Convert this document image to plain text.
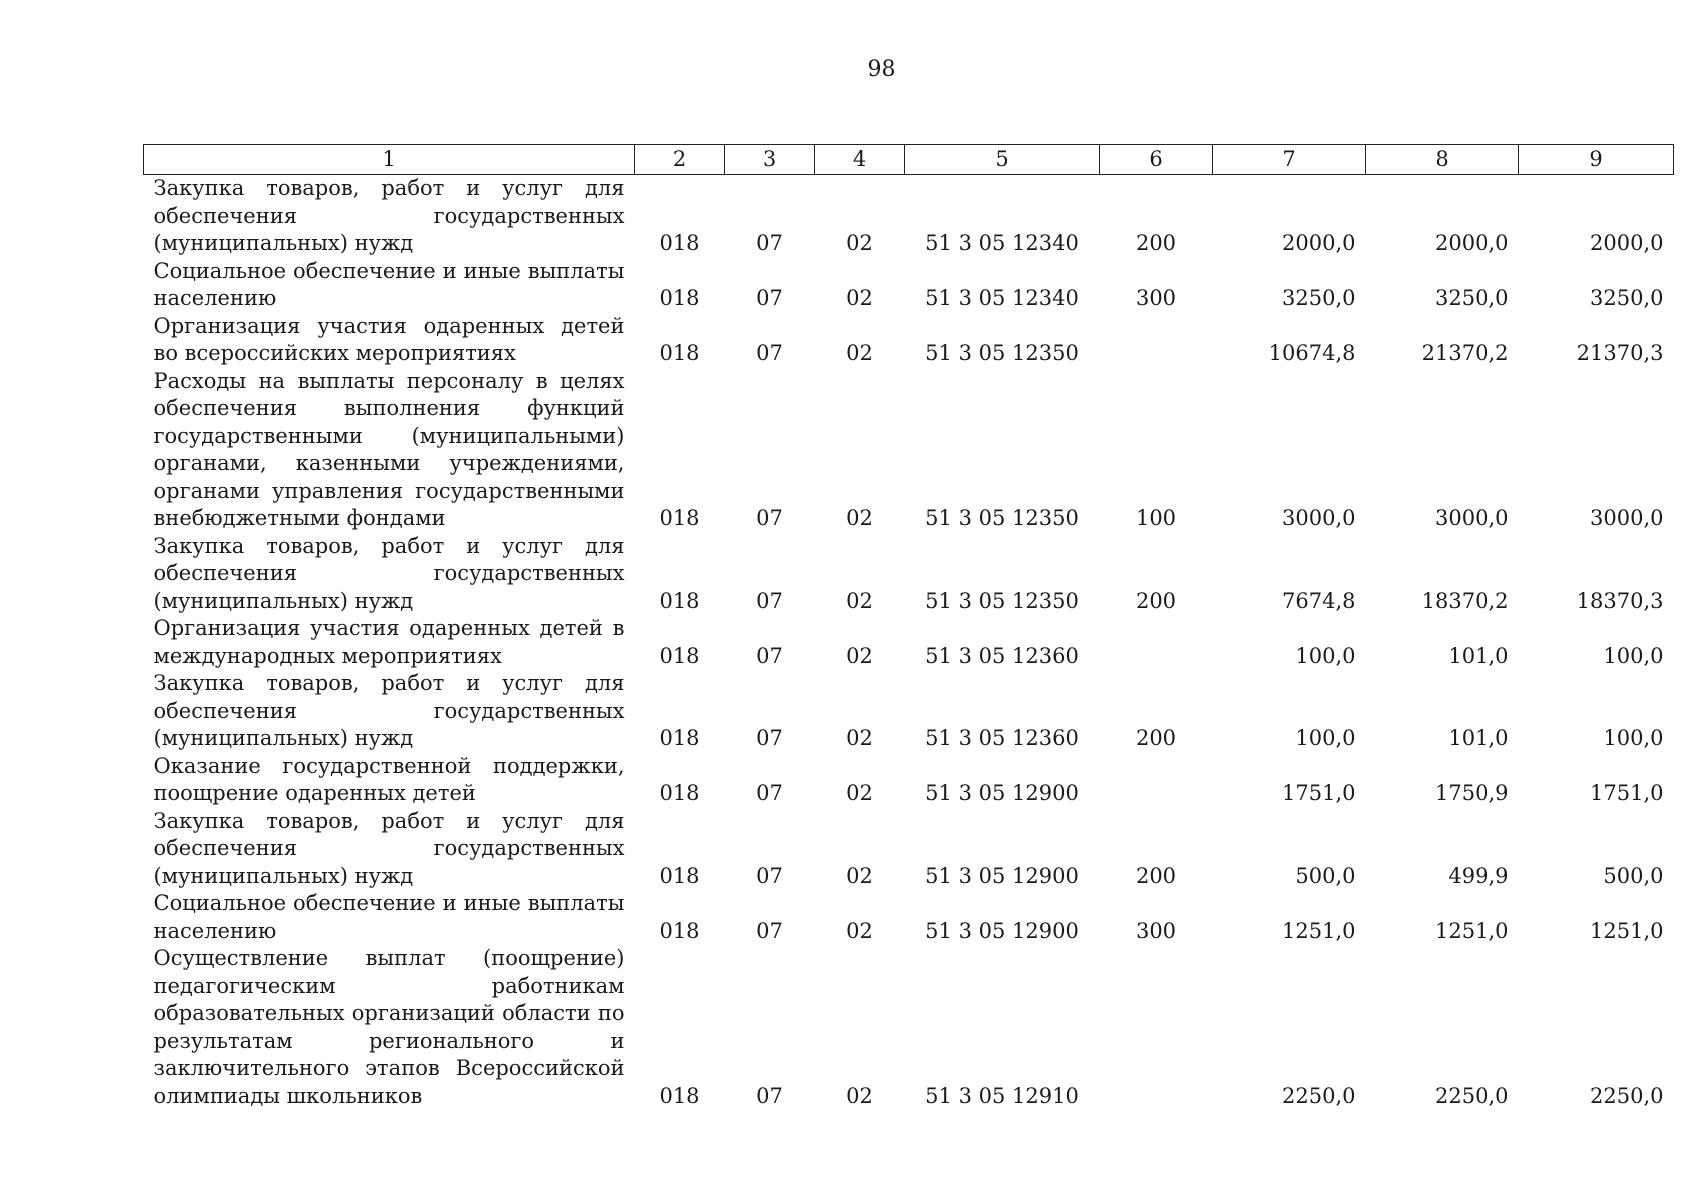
98
1	2	3	4	5	6	7	8	9
Закупка товаров, работ и услуг для обеспечения государственных (муниципальных) нужд	018	07	02	51 3 05 12340	200	2000,0	2000,0	2000,0
Социальное обеспечение и иные выплаты населению	018	07	02	51 3 05 12340	300	3250,0	3250,0	3250,0
Организация участия одаренных детей во всероссийских мероприятиях	018	07	02	51 3 05 12350		10674,8	21370,2	21370,3
Расходы на выплаты персоналу в целях обеспечения выполнения функций государственными (муниципальными) органами, казенными учреждениями, органами управления государственными внебюджетными фондами	018	07	02	51 3 05 12350	100	3000,0	3000,0	3000,0
Закупка товаров, работ и услуг для обеспечения государственных (муниципальных) нужд	018	07	02	51 3 05 12350	200	7674,8	18370,2	18370,3
Организация участия одаренных детей в международных мероприятиях	018	07	02	51 3 05 12360		100,0	101,0	100,0
Закупка товаров, работ и услуг для обеспечения государственных (муниципальных) нужд	018	07	02	51 3 05 12360	200	100,0	101,0	100,0
Оказание государственной поддержки, поощрение одаренных детей	018	07	02	51 3 05 12900		1751,0	1750,9	1751,0
Закупка товаров, работ и услуг для обеспечения государственных (муниципальных) нужд	018	07	02	51 3 05 12900	200	500,0	499,9	500,0
Социальное обеспечение и иные выплаты населению	018	07	02	51 3 05 12900	300	1251,0	1251,0	1251,0
Осуществление выплат (поощрение) педагогическим работникам образовательных организаций области по результатам регионального и заключительного этапов Всероссийской олимпиады школьников	018	07	02	51 3 05 12910		2250,0	2250,0	2250,0
